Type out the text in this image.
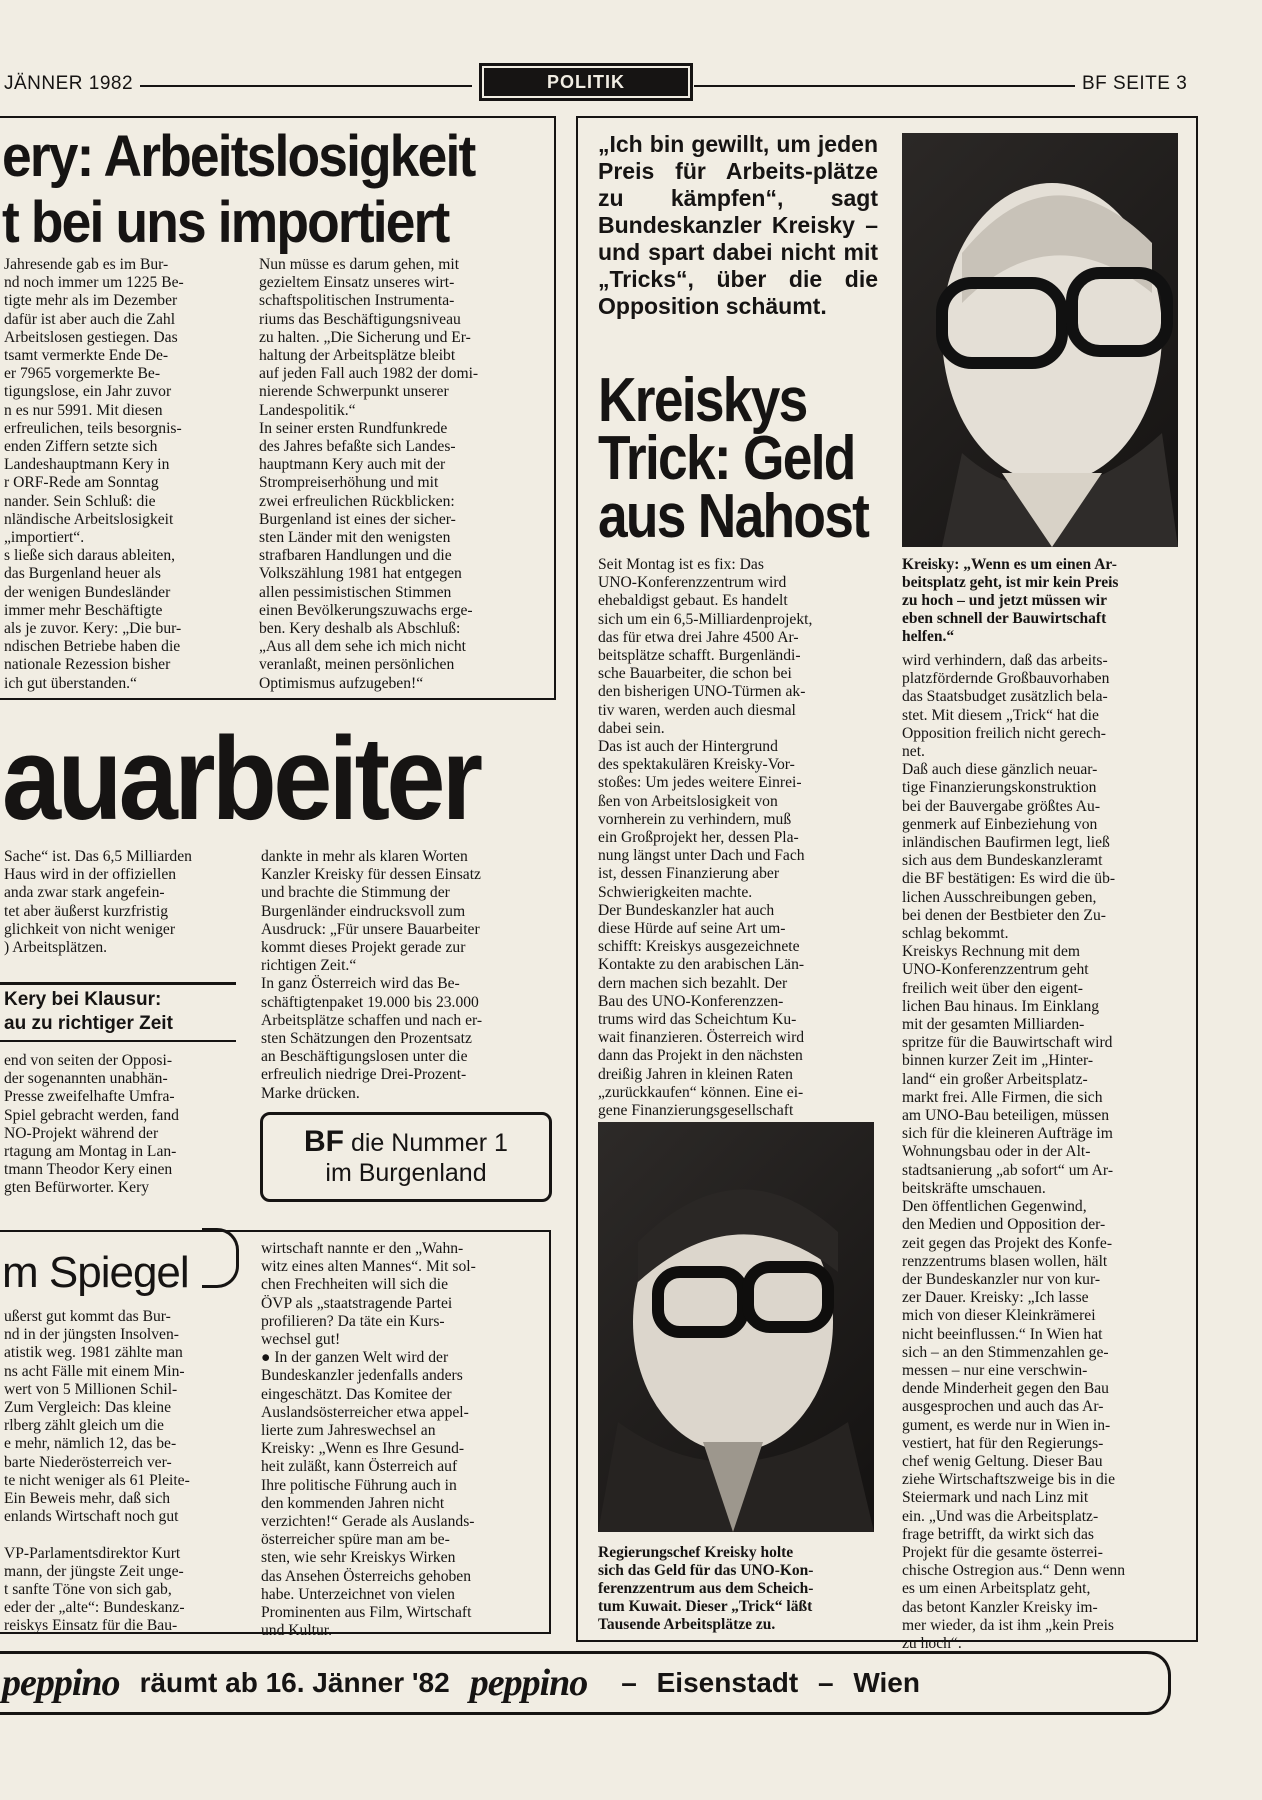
JÄNNER 1982	POLITIK	BF SEITE 3
ery: Arbeitslosigkeit
t bei uns importiert
Jahresende gab es im Bur-
nd noch immer um 1225 Be-
tigte mehr als im Dezember
dafür ist aber auch die Zahl
Arbeitslosen gestiegen. Das
tsamt vermerkte Ende De-
er 7965 vorgemerkte Be-
tigungslose, ein Jahr zuvor
n es nur 5991. Mit diesen
erfreulichen, teils besorgnis-
enden Ziffern setzte sich
Landeshauptmann Kery in
r ORF-Rede am Sonntag
nander. Sein Schluß: die
nländische Arbeitslosigkeit
„importiert“.
s ließe sich daraus ableiten,
das Burgenland heuer als
der wenigen Bundesländer
immer mehr Beschäftigte
als je zuvor. Kery: „Die bur-
ndischen Betriebe haben die
nationale Rezession bisher
ich gut überstanden.“
Nun müsse es darum gehen, mit
gezieltem Einsatz unseres wirt-
schaftspolitischen Instrumenta-
riums das Beschäftigungsniveau
zu halten. „Die Sicherung und Er-
haltung der Arbeitsplätze bleibt
auf jeden Fall auch 1982 der domi-
nierende Schwerpunkt unserer
Landespolitik.“
In seiner ersten Rundfunkrede
des Jahres befaßte sich Landes-
hauptmann Kery auch mit der
Strompreiserhöhung und mit
zwei erfreulichen Rückblicken:
Burgenland ist eines der sicher-
sten Länder mit den wenigsten
strafbaren Handlungen und die
Volkszählung 1981 hat entgegen
allen pessimistischen Stimmen
einen Bevölkerungszuwachs erge-
ben. Kery deshalb als Abschluß:
„Aus all dem sehe ich mich nicht
veranlaßt, meinen persönlichen
Optimismus aufzugeben!“
auarbeiter
Sache“ ist. Das 6,5 Milliarden
Haus wird in der offiziellen
anda zwar stark angefein-
tet aber äußerst kurzfristig
glichkeit von nicht weniger
) Arbeitsplätzen.
dankte in mehr als klaren Worten
Kanzler Kreisky für dessen Einsatz
und brachte die Stimmung der
Burgenländer eindrucksvoll zum
Ausdruck: „Für unsere Bauarbeiter
kommt dieses Projekt gerade zur
richtigen Zeit.“
In ganz Österreich wird das Be-
schäftigtenpaket 19.000 bis 23.000
Arbeitsplätze schaffen und nach er-
sten Schätzungen den Prozentsatz
an Beschäftigungslosen unter die
erfreulich niedrige Drei-Prozent-
Marke drücken.
Kery bei Klausur:
au zu richtiger Zeit
end von seiten der Opposi-
der sogenannten unabhän-
Presse zweifelhafte Umfra-
Spiel gebracht werden, fand
NO-Projekt während der
rtagung am Montag in Lan-
tmann Theodor Kery einen
gten Befürworter. Kery
BF die Nummer 1
im Burgenland
m Spiegel
ußerst gut kommt das Bur-
nd in der jüngsten Insolven-
atistik weg. 1981 zählte man
ns acht Fälle mit einem Min-
wert von 5 Millionen Schil-
Zum Vergleich: Das kleine
rlberg zählt gleich um die
e mehr, nämlich 12, das be-
barte Niederösterreich ver-
te nicht weniger als 61 Pleite-
Ein Beweis mehr, daß sich
enlands Wirtschaft noch gut

VP-Parlamentsdirektor Kurt
mann, der jüngste Zeit unge-
t sanfte Töne von sich gab,
eder der „alte“: Bundeskanz-
reiskys Einsatz für die Bau-
wirtschaft nannte er den „Wahn-
witz eines alten Mannes“. Mit sol-
chen Frechheiten will sich die
ÖVP als „staatstragende Partei
profilieren? Da täte ein Kurs-
wechsel gut!
● In der ganzen Welt wird der
Bundeskanzler jedenfalls anders
eingeschätzt. Das Komitee der
Auslandsösterreicher etwa appel-
lierte zum Jahreswechsel an
Kreisky: „Wenn es Ihre Gesund-
heit zuläßt, kann Österreich auf
Ihre politische Führung auch in
den kommenden Jahren nicht
verzichten!“ Gerade als Auslands-
österreicher spüre man am be-
sten, wie sehr Kreiskys Wirken
das Ansehen Österreichs gehoben
habe. Unterzeichnet von vielen
Prominenten aus Film, Wirtschaft
und Kultur.
„Ich bin gewillt, um jeden Preis für Arbeits-plätze zu kämpfen“, sagt Bundeskanzler Kreisky – und spart dabei nicht mit „Tricks“, über die die Opposition schäumt.
Kreiskys
Trick: Geld
aus Nahost
Kreisky: „Wenn es um einen Ar-
beitsplatz geht, ist mir kein Preis
zu hoch – und jetzt müssen wir
eben schnell der Bauwirtschaft
helfen.“
Seit Montag ist es fix: Das
UNO-Konferenzzentrum wird
ehebaldigst gebaut. Es handelt
sich um ein 6,5-Milliardenprojekt,
das für etwa drei Jahre 4500 Ar-
beitsplätze schafft. Burgenländi-
sche Bauarbeiter, die schon bei
den bisherigen UNO-Türmen ak-
tiv waren, werden auch diesmal
dabei sein.
Das ist auch der Hintergrund
des spektakulären Kreisky-Vor-
stoßes: Um jedes weitere Einrei-
ßen von Arbeitslosigkeit von
vornherein zu verhindern, muß
ein Großprojekt her, dessen Pla-
nung längst unter Dach und Fach
ist, dessen Finanzierung aber
Schwierigkeiten machte.
Der Bundeskanzler hat auch
diese Hürde auf seine Art um-
schifft: Kreiskys ausgezeichnete
Kontakte zu den arabischen Län-
dern machen sich bezahlt. Der
Bau des UNO-Konferenzzen-
trums wird das Scheichtum Ku-
wait finanzieren. Österreich wird
dann das Projekt in den nächsten
dreißig Jahren in kleinen Raten
„zurückkaufen“ können. Eine ei-
gene Finanzierungsgesellschaft
wird verhindern, daß das arbeits-
platzfördernde Großbauvorhaben
das Staatsbudget zusätzlich bela-
stet. Mit diesem „Trick“ hat die
Opposition freilich nicht gerech-
net.
Daß auch diese gänzlich neuar-
tige Finanzierungskonstruktion
bei der Bauvergabe größtes Au-
genmerk auf Einbeziehung von
inländischen Baufirmen legt, ließ
sich aus dem Bundeskanzleramt
die BF bestätigen: Es wird die üb-
lichen Ausschreibungen geben,
bei denen der Bestbieter den Zu-
schlag bekommt.
Kreiskys Rechnung mit dem
UNO-Konferenzzentrum geht
freilich weit über den eigent-
lichen Bau hinaus. Im Einklang
mit der gesamten Milliarden-
spritze für die Bauwirtschaft wird
binnen kurzer Zeit im „Hinter-
land“ ein großer Arbeitsplatz-
markt frei. Alle Firmen, die sich
am UNO-Bau beteiligen, müssen
sich für die kleineren Aufträge im
Wohnungsbau oder in der Alt-
stadtsanierung „ab sofort“ um Ar-
beitskräfte umschauen.
Den öffentlichen Gegenwind,
den Medien und Opposition der-
zeit gegen das Projekt des Konfe-
renzzentrums blasen wollen, hält
der Bundeskanzler nur von kur-
zer Dauer. Kreisky: „Ich lasse
mich von dieser Kleinkrämerei
nicht beeinflussen.“ In Wien hat
sich – an den Stimmenzahlen ge-
messen – nur eine verschwin-
dende Minderheit gegen den Bau
ausgesprochen und auch das Ar-
gument, es werde nur in Wien in-
vestiert, hat für den Regierungs-
chef wenig Geltung. Dieser Bau
ziehe Wirtschaftszweige bis in die
Steiermark und nach Linz mit
ein. „Und was die Arbeitsplatz-
frage betrifft, da wirkt sich das
Projekt für die gesamte österrei-
chische Ostregion aus.“ Denn wenn
es um einen Arbeitsplatz geht,
das betont Kanzler Kreisky im-
mer wieder, da ist ihm „kein Preis
zu hoch“.
Regierungschef Kreisky holte
sich das Geld für das UNO-Kon-
ferenzzentrum aus dem Scheich-
tum Kuwait. Dieser „Trick“ läßt
Tausende Arbeitsplätze zu.
peppino räumt ab 16. Jänner '82 peppino – Eisenstadt – Wien
